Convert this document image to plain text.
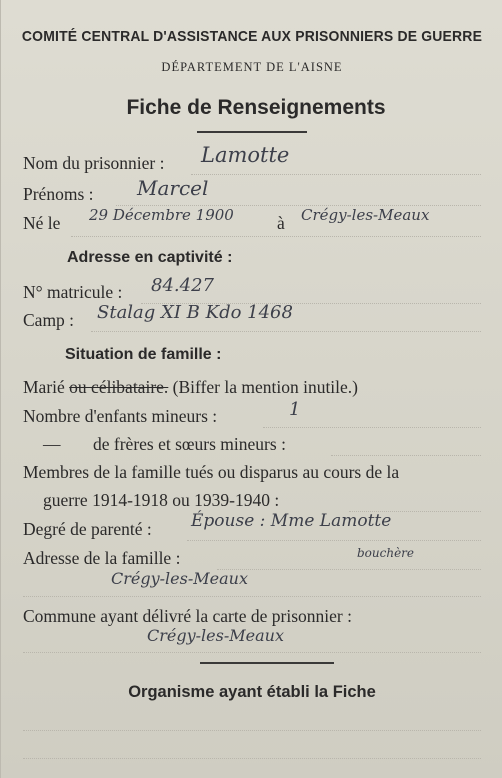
COMITÉ CENTRAL D'ASSISTANCE AUX PRISONNIERS DE GUERRE
DÉPARTEMENT DE L'AISNE
Fiche de Renseignements
Nom du prisonnier : Lamotte
Prénoms : Marcel
Né le 29 Décembre 1900 à Crégy-les-Meaux
Adresse en captivité :
N° matricule : 84.427
Camp : Stalag XI B Kdo 1468
Situation de famille :
Marié ou célibataire. (Biffer la mention inutile.)
Nombre d'enfants mineurs :	1
— de frères et sœurs mineurs :
Membres de la famille tués ou disparus au cours de la
guerre 1914-1918 ou 1939-1940 :
Degré de parenté : Épouse : Mme Lamotte
Adresse de la famille :	bouchère
Crégy-les-Meaux
Commune ayant délivré la carte de prisonnier :
Crégy-les-Meaux
Organisme ayant établi la Fiche
